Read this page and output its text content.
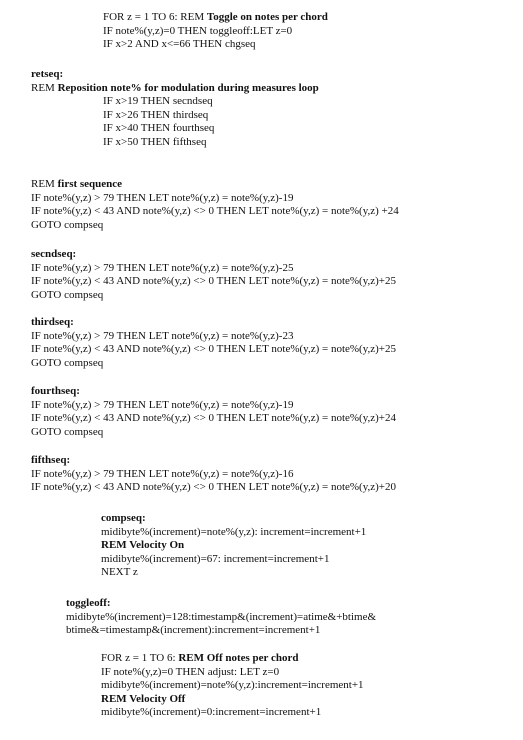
FOR z = 1 TO 6: REM Toggle on notes per chord
IF note%(y,z)=0 THEN toggleoff:LET z=0
IF x>2 AND x<=66 THEN chgseq
retseq:
REM Reposition note% for modulation during measures loop
IF x>19 THEN secndseq
IF x>26 THEN thirdseq
IF x>40 THEN fourthseq
IF x>50 THEN fifthseq
REM first sequence
IF note%(y,z) > 79 THEN LET note%(y,z) = note%(y,z)-19
IF note%(y,z) < 43 AND note%(y,z) <> 0 THEN LET note%(y,z) = note%(y,z) +24
GOTO compseq
secndseq:
IF note%(y,z) > 79 THEN LET note%(y,z) = note%(y,z)-25
IF note%(y,z) < 43 AND note%(y,z) <> 0 THEN LET note%(y,z) = note%(y,z)+25
GOTO compseq
thirdseq:
IF note%(y,z) > 79 THEN LET note%(y,z) = note%(y,z)-23
IF note%(y,z) < 43 AND note%(y,z) <> 0 THEN LET note%(y,z) = note%(y,z)+25
GOTO compseq
fourthseq:
IF note%(y,z) > 79 THEN LET note%(y,z) = note%(y,z)-19
IF note%(y,z) < 43 AND note%(y,z) <> 0 THEN LET note%(y,z) = note%(y,z)+24
GOTO compseq
fifthseq:
IF note%(y,z) > 79 THEN LET note%(y,z) = note%(y,z)-16
IF note%(y,z) < 43 AND note%(y,z) <> 0 THEN LET note%(y,z) = note%(y,z)+20
compseq:
midibyte%(increment)=note%(y,z): increment=increment+1
REM Velocity On
midibyte%(increment)=67: increment=increment+1
NEXT z
toggleoff:
midibyte%(increment)=128:timestamp&(increment)=atime&+btime&
btime&=timestamp&(increment):increment=increment+1
FOR z = 1 TO 6: REM Off notes per chord
IF note%(y,z)=0 THEN adjust: LET z=0
midibyte%(increment)=note%(y,z):increment=increment+1
REM Velocity Off
midibyte%(increment)=0:increment=increment+1
